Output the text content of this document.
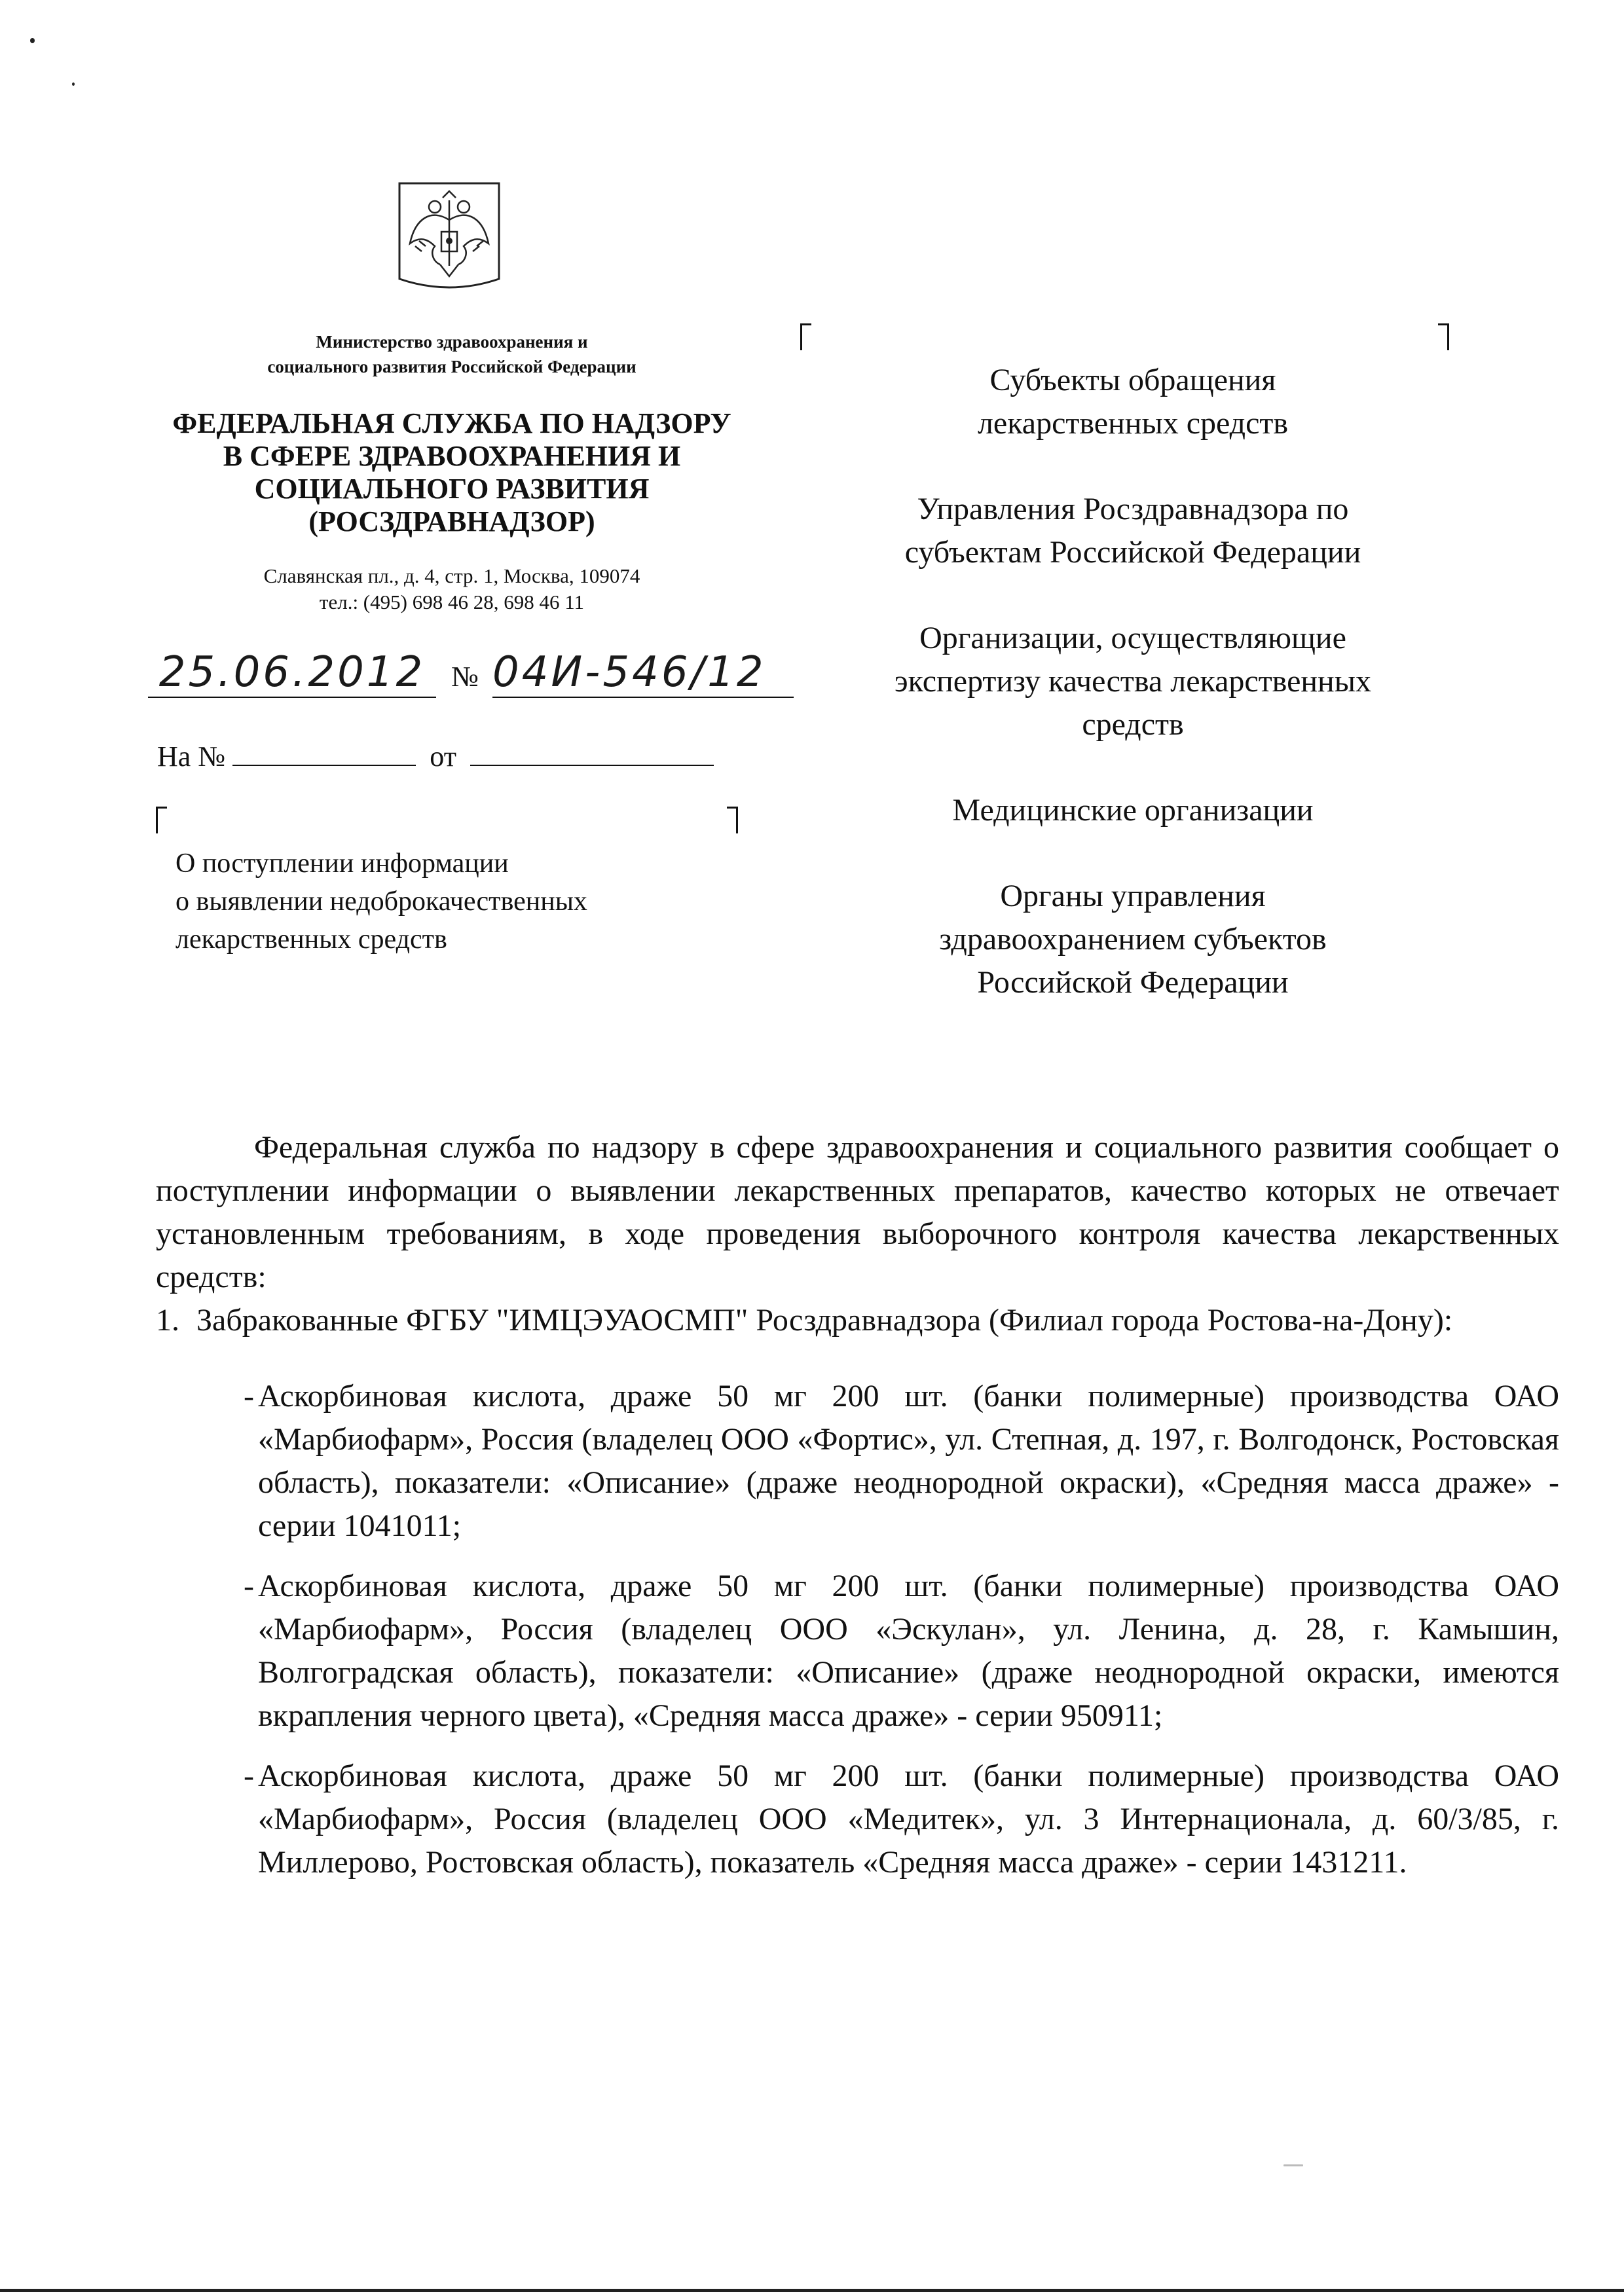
Министерство здравоохранения и
социального развития Российской Федерации
ФЕДЕРАЛЬНАЯ СЛУЖБА ПО НАДЗОРУ
В СФЕРЕ ЗДРАВООХРАНЕНИЯ И
СОЦИАЛЬНОГО РАЗВИТИЯ
(РОСЗДРАВНАДЗОР)
Славянская пл., д. 4, стр. 1, Москва, 109074
тел.: (495) 698 46 28, 698 46 11
25.06.2012 № 04И-546/12
На №	от
О поступлении информации
о выявлении недоброкачественных
лекарственных средств
Субъекты обращения
лекарственных средств
Управления Росздравнадзора по
субъектам Российской Федерации
Организации, осуществляющие
экспертизу качества лекарственных
средств
Медицинские организации
Органы управления
здравоохранением субъектов
Российской Федерации

Федеральная служба по надзору в сфере здравоохранения и социального развития сообщает о поступлении информации о выявлении лекарственных препаратов, качество которых не отвечает установленным требованиям, в ходе проведения выборочного контроля качества лекарственных средств:

1. Забракованные ФГБУ "ИМЦЭУАОСМП" Росздравнадзора (Филиал города Ростова-на-Дону):
- Аскорбиновая кислота, драже 50 мг 200 шт. (банки полимерные) производства ОАО «Марбиофарм», Россия (владелец ООО «Фортис», ул. Степная, д. 197, г. Волгодонск, Ростовская область), показатели: «Описание» (драже неоднородной окраски), «Средняя масса драже» - серии 1041011;
- Аскорбиновая кислота, драже 50 мг 200 шт. (банки полимерные) производства ОАО «Марбиофарм», Россия (владелец ООО «Эскулан», ул. Ленина, д. 28, г. Камышин, Волгоградская область), показатели: «Описание» (драже неоднородной окраски, имеются вкрапления черного цвета), «Средняя масса драже» - серии 950911;
- Аскорбиновая кислота, драже 50 мг 200 шт. (банки полимерные) производства ОАО «Марбиофарм», Россия (владелец ООО «Медитек», ул. 3 Интернационала, д. 60/3/85, г. Миллерово, Ростовская область), показатель «Средняя масса драже» - серии 1431211.
